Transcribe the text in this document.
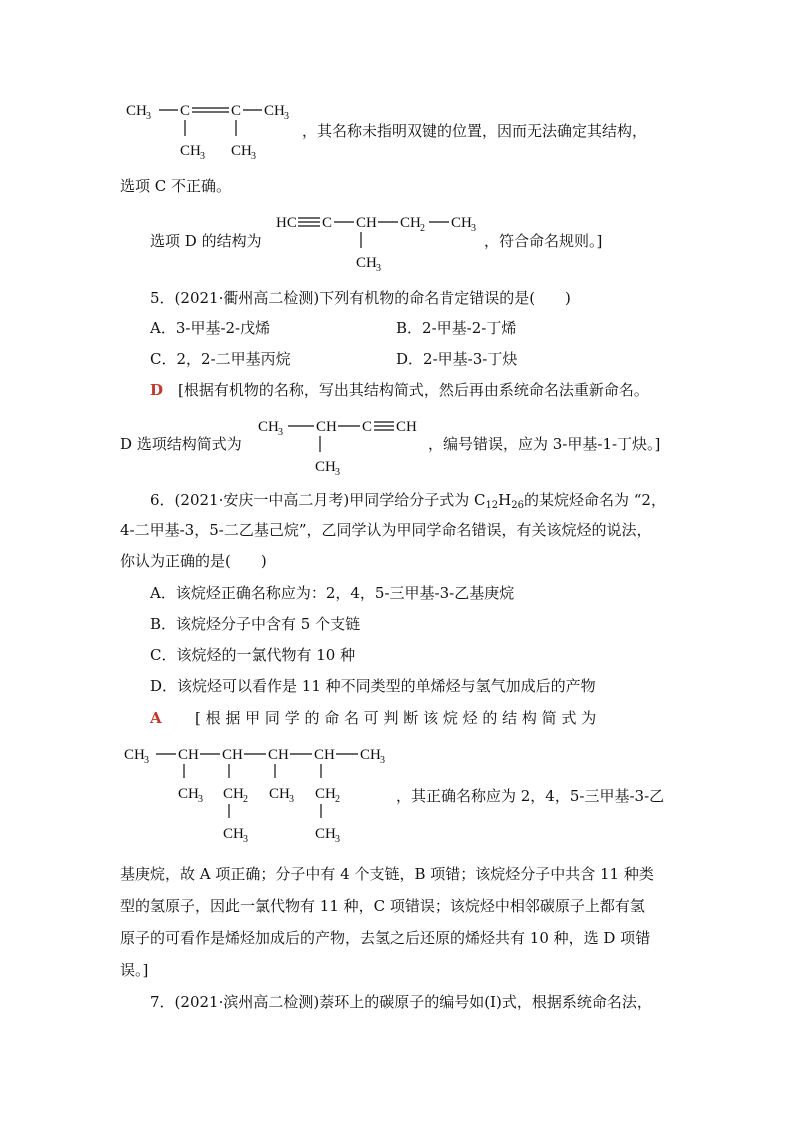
CH 3 C	C CH 3
CH 3 CH 3
，其名称未指明双键的位置，因而无法确定其结构，
选项 C 不正确。
选项 D 的结构为
HC C CH CH 2 CH 3
CH 3
，符合命名规则。]
5．(2021·衢州高二检测)下列有机物的命名肯定错误的是(　　)
A．3-甲基-2-戊烯	B．2-甲基-2-丁烯
C．2，2-二甲基丙烷	D．2-甲基-3-丁炔
D [根据有机物的名称，写出其结构简式，然后再由系统命名法重新命名。
D 选项结构简式为
CH 3 CH C CH
CH 3
，编号错误，应为 3-甲基-1-丁炔。]
6．(2021·安庆一中高二月考)甲同学给分子式为 $C_{12}H_{26}$的某烷烃命名为 “2，
4-二甲基-3，5-二乙基己烷”，乙同学认为甲同学命名错误，有关该烷烃的说法，
你认为正确的是(　　)
A．该烷烃正确名称应为：2，4，5-三甲基-3-乙基庚烷
B．该烷烃分子中含有 5 个支链
C．该烷烃的一氯代物有 10 种
D．该烷烃可以看作是 11 种不同类型的单烯烃与氢气加成后的产物
A [ 根 据 甲 同 学 的 命 名 可 判 断 该 烷 烃 的 结 构 简 式 为
CH 3 CH CH CH CH CH 3
CH 3 CH 2 CH 3 CH 2
CH 3	CH 3
，其正确名称应为 2，4，5-三甲基-3-乙
基庚烷，故 A 项正确；分子中有 4 个支链，B 项错；该烷烃分子中共含 11 种类
型的氢原子，因此一氯代物有 11 种，C 项错误；该烷烃中相邻碳原子上都有氢
原子的可看作是烯烃加成后的产物，去氢之后还原的烯烃共有 10 种，选 D 项错
误。]
7．(2021·滨州高二检测)萘环上的碳原子的编号如(Ⅰ)式，根据系统命名法，
